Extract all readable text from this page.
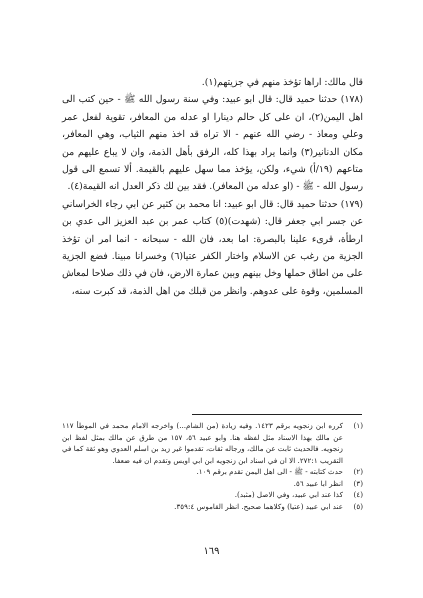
قال مالك: اراها تؤخذ منهم في جزيتهم(١).

(١٧٨) حدثنا حميد قال: قال ابو عبيد: وفي سنة رسول الله ﷺ - حين كتب الى اهل اليمن(٢)، ان على كل حالم دينارا او عدله من المعافر، تقوية لفعل عمر وعلي ومعاذ - رضي الله عنهم - الا تراه قد اخذ منهم الثياب، وهي المعافر، مكان الدنانير(٣) وانما يراد بهذا كله، الرفق بأهل الذمة، وان لا يباع عليهم من متاعهم (١٩/أ) شيء، ولكن، يؤخذ مما سهل عليهم بالقيمة. ألا تسمع الى قول رسول الله - ﷺ - (او عدله من المعافر). فقد بين لك ذكر العدل انه القيمة(٤).

(١٧٩) حدثنا حميد قال: قال ابو عبيد: انا محمد بن كثير عن ابي رجاء الخراساني عن جسر ابي جعفر قال: (شهدت)(٥) كتاب عمر بن عبد العزيز الى عدي بن ارطأة، قرىء علينا بالبصرة: اما بعد، فان الله - سبحانه - انما امر ان تؤخذ الجزية من رغب عن الاسلام واختار الكفر عتيا(٦) وخسرانا مبينا. فضع الجزية على من اطاق حملها وخل بينهم وبين عمارة الارض، فان في ذلك صلاحا لمعاش المسلمين، وقوة على عدوهم. وانظر من قبلك من اهل الذمة، قد كبرت سنه،

(١)
كرره ابن زنجويه برقم ١٤٢٣. وفيه زيادة (من الشام...) واخرجه الامام محمد في الموطأ ١١٧ عن مالك بهذا الاسناد مثل لفظه هنا. وابو عبيد ٥٦، ١٥٧ من طرق عن مالك بمثل لفظ ابن زنجويه. فالحديث ثابت عن مالك، ورجاله ثقات، تقدموا غير زيد بن اسلم العدوي وهو ثقة كما في التقريب ٢٧٢:١. الا ان في اسناد ابن زنجويه ابن ابي اويس وتقدم ان فيه ضعفا.
(٢)
حدث كتابته - ﷺ - الى اهل اليمن تقدم برقم ١٠٩.
(٣)
انظر ابا عبيد ٥٦.
(٤)
كذا عند ابي عبيد، وفي الاصل (مثبد).
(٥)
عند ابي عبيد (عتيا) وكلاهما صحيح. انظر القاموس ٣٥٩:٤.
١٦٩
